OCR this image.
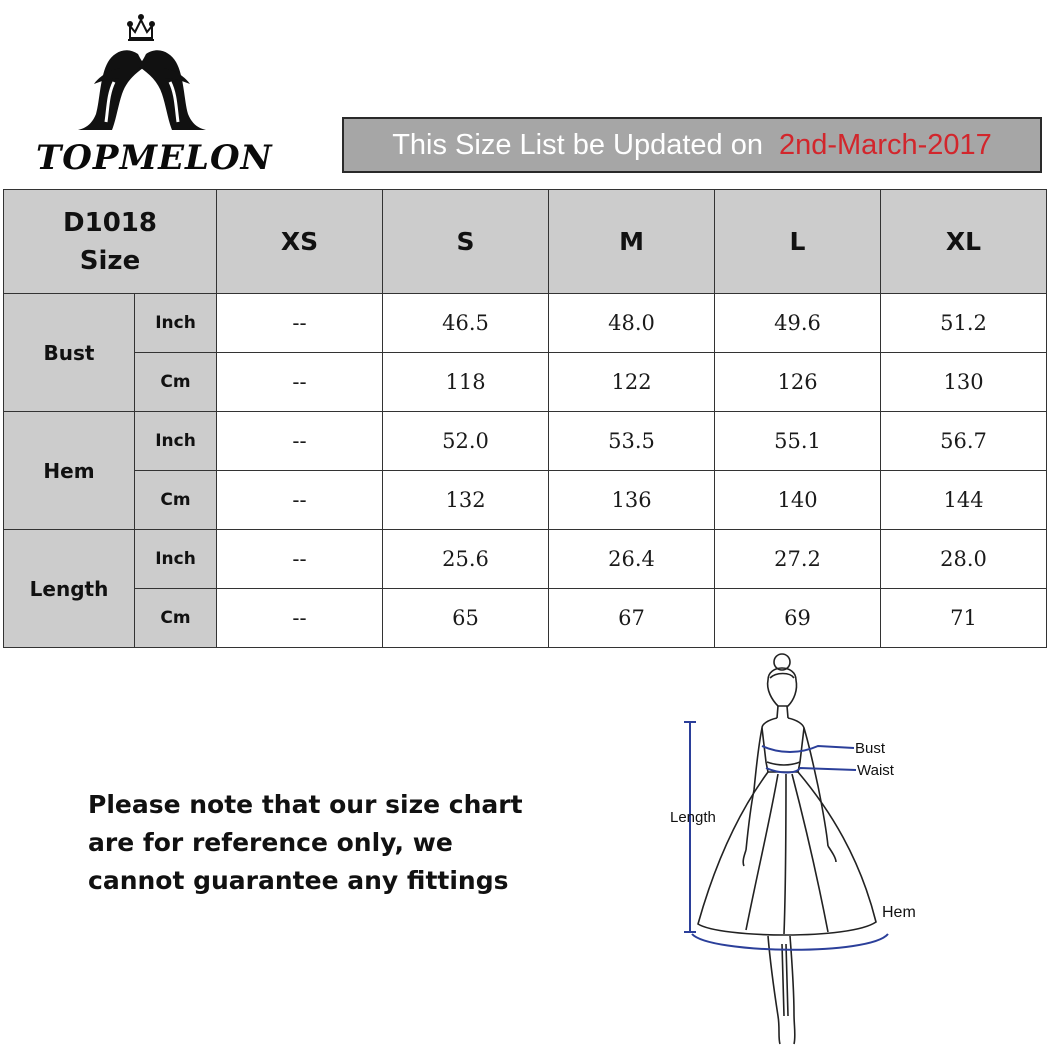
TOPMELON	This Size List be Updated on 2nd-March-2017
D1018
Size		XS	S	M	L	XL
Bust	Inch	--	46.5	48.0	49.6	51.2
	Cm	--	118	122	126	130
Hem	Inch	--	52.0	53.5	55.1	56.7
	Cm	--	132	136	140	144
Length	Inch	--	25.6	26.4	27.2	28.0
	Cm	--	65	67	69	71
Please note that our size chart
are for reference only, we
cannot guarantee any fittings
Bust
Waist
Length
Hem
